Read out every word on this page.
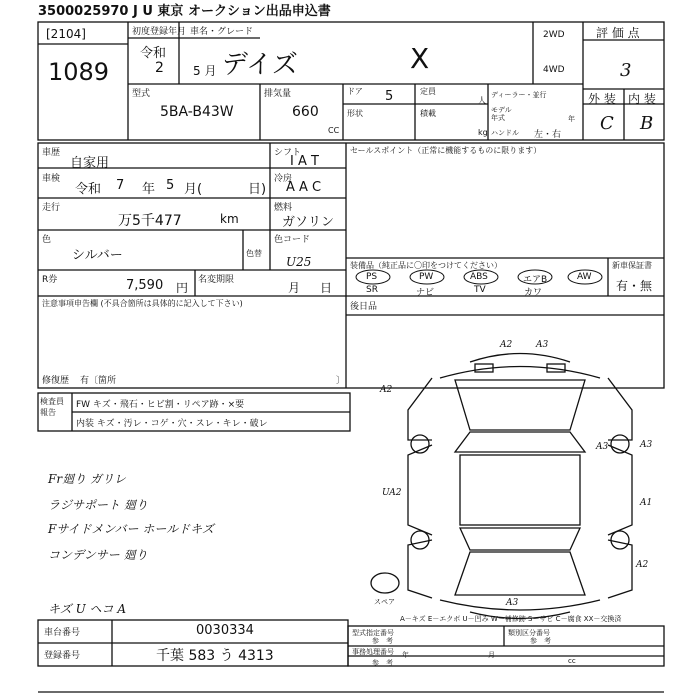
3500025970 J U 東京 オークション出品申込書
[2104]
1089
初度登録年月
令和
2 5 月
車名・グレード
デイズ	X
2WD
4WD
評 価 点
3
外 装 内 装
C B
型式
5BA-B43W
排気量
660
CC
ドア 5
形状
定員
人
積載
kg
ディーラー・並行
モデル
年式	年
ハンドル 左・右
車歴
自家用
車検
令和 7 年 5 月(	日)
走行
万5千477	km
色
シルバー	色替
色コード
U25
R券	7,590 円
名変期限
月 日
シフト
I A T
冷房
A A C
燃料
ガソリン
セールスポイント（正常に機能するものに限ります）
装備品（純正品に〇印をつけてください）	新車保証書
有・無
PS	PW	ABS	エアB	AW
SR	ナビ	TV	カワ
後日品
注意事項申告欄 (不具合箇所は具体的に記入して下さい)
修復歴 有〔箇所	〕
検査員
報告
FW キズ・飛石・ヒビ割・リペア跡・×要
内装 キズ・汚レ・コゲ・穴・スレ・キレ・破レ
Fr廻り ガリレ
ラジサポート 廻り
Fサイドメンバー ホールドキズ
コンデンサー 廻り
キズ U ヘコ A
A2
A2	A3
A3
A3
A1
A2
A3
UA2
スペア
A－キズ E－エクボ U－凹み W－補修跡 S－サビ C－腐食 XX－交換済
車台番号	0030334
登録番号	千葉 583 う 4313
型式指定番号
参　考
類別区分番号
参　考
事務処理番号
参　考
年	月
cc
